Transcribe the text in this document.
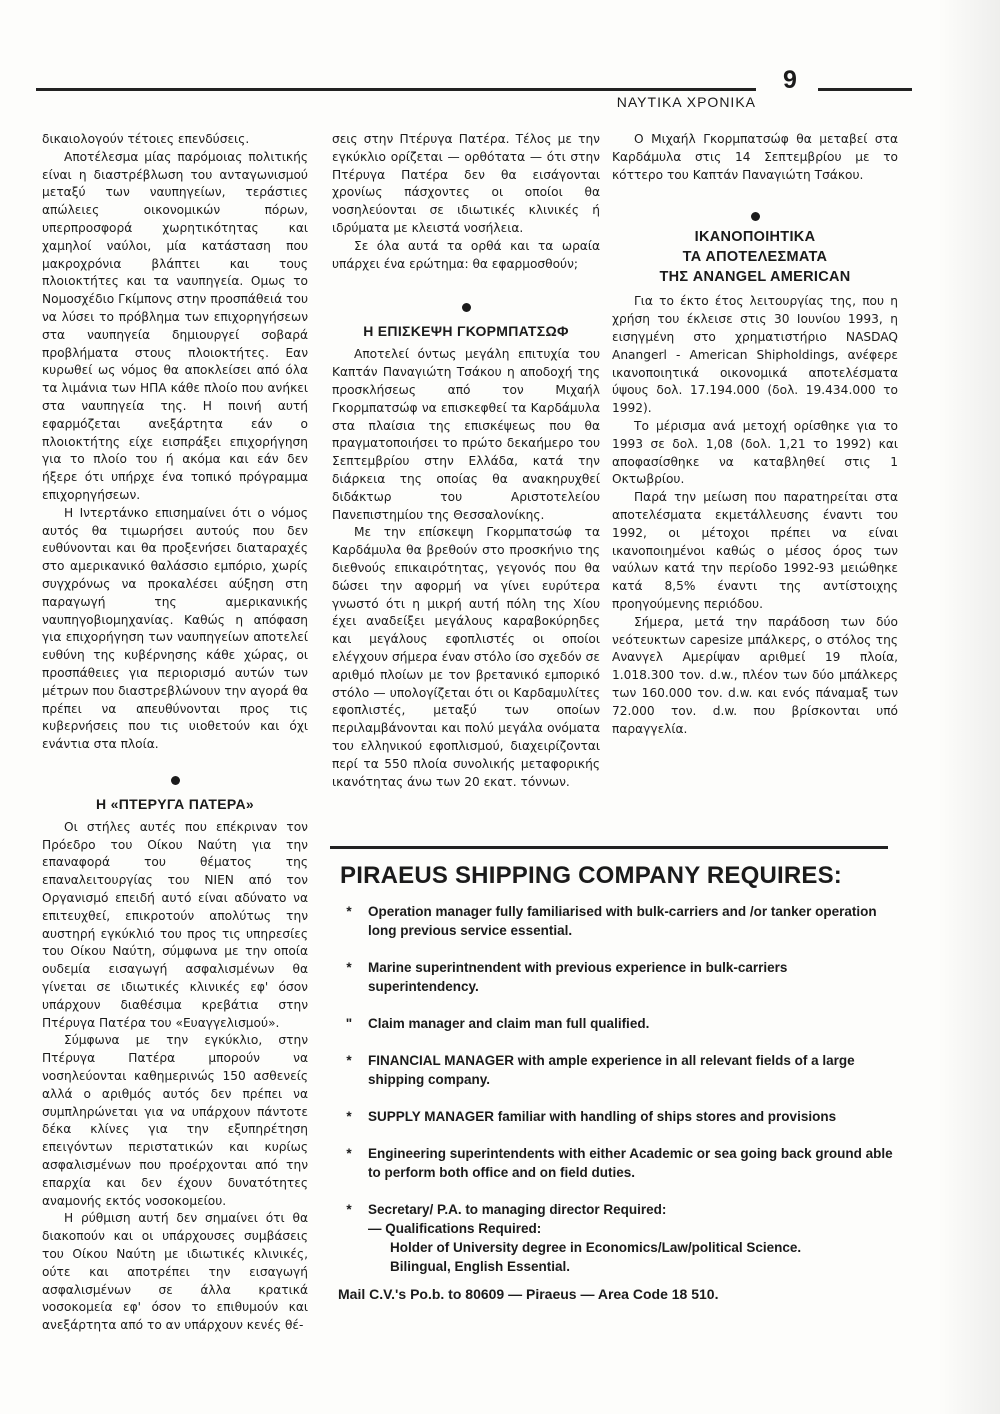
9
ΝΑΥΤΙΚΑ ΧΡΟΝΙΚΑ

δικαιολογούν τέτοιες επενδύσεις.

Αποτέλεσμα μίας παρόμοιας πολιτικής είναι η διαστρέβλωση του ανταγωνισμού μεταξύ των ναυπηγείων, τεράστιες απώλειες οικονομικών πόρων, υπερπροσφορά χωρητικότητας και χαμηλοί ναύλοι, μία κατάσταση που μακροχρόνια βλάπτει και τους πλοιοκτήτες και τα ναυπηγεία. Ομως το Νομοσχέδιο Γκίμπονς στην προσπάθειά του να λύσει το πρόβλημα των επιχορηγήσεων στα ναυπηγεία δημιουργεί σοβαρά προβλήματα στους πλοιοκτήτες. Εαν κυρωθεί ως νόμος θα αποκλείσει από όλα τα λιμάνια των ΗΠΑ κάθε πλοίο που ανήκει στα ναυπηγεία της. Η ποινή αυτή εφαρμόζεται ανεξάρτητα εάν ο πλοιοκτήτης είχε εισπράξει επιχορήγηση για το πλοίο του ή ακόμα και εάν δεν ήξερε ότι υπήρχε ένα τοπικό πρόγραμμα επιχορηγήσεων.

Η Ιντερτάνκο επισημαίνει ότι ο νόμος αυτός θα τιμωρήσει αυτούς που δεν ευθύνονται και θα προξενήσει διαταραχές στο αμερικανικό θαλάσσιο εμπόριο, χωρίς συγχρόνως να προκαλέσει αύξηση στη παραγωγή της αμερικανικής ναυπηγοβιομηχανίας. Καθώς η απόφαση για επιχορήγηση των ναυπηγείων αποτελεί ευθύνη της κυβέρνησης κάθε χώρας, οι προσπάθειες για περιορισμό αυτών των μέτρων που διαστρεβλώνουν την αγορά θα πρέπει να απευθύνονται προς τις κυβερνήσεις που τις υιοθετούν και όχι ενάντια στα πλοία.

Η «ΠΤΕΡΥΓΑ ΠΑΤΕΡΑ»

Οι στήλες αυτές που επέκριναν τον Πρόεδρο του Οίκου Ναύτη για την επαναφορά του θέματος της επαναλειτουργίας του ΝΙΕΝ από τον Οργανισμό επειδή αυτό είναι αδύνατο να επιτευχθεί, επικροτούν απολύτως την αυστηρή εγκύκλιό του προς τις υπηρεσίες του Οίκου Ναύτη, σύμφωνα με την οποία ουδεμία εισαγωγή ασφαλισμένων θα γίνεται σε ιδιωτικές κλινικές εφ' όσον υπάρχουν διαθέσιμα κρεβάτια στην Πτέρυγα Πατέρα του «Ευαγγελισμού».

Σύμφωνα με την εγκύκλιο, στην Πτέρυγα Πατέρα μπορούν να νοσηλεύονται καθημερινώς 150 ασθενείς αλλά ο αριθμός αυτός δεν πρέπει να συμπληρώνεται για να υπάρχουν πάντοτε δέκα κλίνες για την εξυπηρέτηση επειγόντων περιστατικών και κυρίως ασφαλισμένων που προέρχονται από την επαρχία και δεν έχουν δυνατότητες αναμονής εκτός νοσοκομείου.

Η ρύθμιση αυτή δεν σημαίνει ότι θα διακοπούν και οι υπάρχουσες συμβάσεις του Οίκου Ναύτη με ιδιωτικές κλινικές, ούτε και αποτρέπει την εισαγωγή ασφαλισμένων σε άλλα κρατικά νοσοκομεία εφ' όσον το επιθυμούν και ανεξάρτητα από το αν υπάρχουν κενές θέ-

σεις στην Πτέρυγα Πατέρα. Τέλος με την εγκύκλιο ορίζεται — ορθότατα — ότι στην Πτέρυγα Πατέρα δεν θα εισάγονται χρονίως πάσχοντες οι οποίοι θα νοσηλεύονται σε ιδιωτικές κλινικές ή ιδρύματα με κλειστά νοσήλεια.

Σε όλα αυτά τα ορθά και τα ωραία υπάρχει ένα ερώτημα: θα εφαρμοσθούν;

Η ΕΠΙΣΚΕΨΗ ΓΚΟΡΜΠΑΤΣΩΦ

Αποτελεί όντως μεγάλη επιτυχία του Καπτάν Παναγιώτη Τσάκου η αποδοχή της προσκλήσεως από τον Μιχαήλ Γκορμπατσώφ να επισκεφθεί τα Καρδάμυλα στα πλαίσια της επισκέψεως που θα πραγματοποιήσει το πρώτο δεκαήμερο του Σεπτεμβρίου στην Ελλάδα, κατά την διάρκεια της οποίας θα ανακηρυχθεί διδάκτωρ του Αριστοτελείου Πανεπιστημίου της Θεσσαλονίκης.

Με την επίσκεψη Γκορμπατσώφ τα Καρδάμυλα θα βρεθούν στο προσκήνιο της διεθνούς επικαιρότητας, γεγονός που θα δώσει την αφορμή να γίνει ευρύτερα γνωστό ότι η μικρή αυτή πόλη της Χίου έχει αναδείξει μεγάλους καραβοκύρηδες και μεγάλους εφοπλιστές οι οποίοι ελέγχουν σήμερα έναν στόλο ίσο σχεδόν σε αριθμό πλοίων με τον βρετανικό εμπορικό στόλο — υπολογίζεται ότι οι Καρδαμυλίτες εφοπλιστές, μεταξύ των οποίων περιλαμβάνονται και πολύ μεγάλα ονόματα του ελληνικού εφοπλισμού, διαχειρίζονται περί τα 550 πλοία συνολικής μεταφορικής ικανότητας άνω των 20 εκατ. τόννων.

Ο Μιχαήλ Γκορμπατσώφ θα μεταβεί στα Καρδάμυλα στις 14 Σεπτεμβρίου με το κόττερο του Καπτάν Παναγιώτη Τσάκου.

ΙΚΑΝΟΠΟΙΗΤΙΚΑ
ΤΑ ΑΠΟΤΕΛΕΣΜΑΤΑ
ΤΗΣ ANANGEL AMERICAN

Για το έκτο έτος λειτουργίας της, που η χρήση του έκλεισε στις 30 Ιουνίου 1993, η εισηγμένη στο χρηματιστήριο NASDAQ Anangerl - American Shipholdings, ανέφερε ικανοποιητικά οικονομικά αποτελέσματα ύψους δολ. 17.194.000 (δολ. 19.434.000 το 1992).

Το μέρισμα ανά μετοχή ορίσθηκε για το 1993 σε δολ. 1,08 (δολ. 1,21 το 1992) και αποφασίσθηκε να καταβληθεί στις 1 Οκτωβρίου.

Παρά την μείωση που παρατηρείται στα αποτελέσματα εκμετάλλευσης έναντι του 1992, οι μέτοχοι πρέπει να είναι ικανοποιημένοι καθώς ο μέσος όρος των ναύλων κατά την περίοδο 1992-93 μειώθηκε κατά 8,5% έναντι της αντίστοιχης προηγούμενης περιόδου.

Σήμερα, μετά την παράδοση των δύο νεότευκτων capesize μπάλκερς, ο στόλος της Ανανγελ Αμερίψαν αριθμεί 19 πλοία, 1.018.300 τον. d.w., πλέον των δύο μπάλκερς των 160.000 τον. d.w. και ενός πάναμαξ των 72.000 τον. d.w. που βρίσκονται υπό παραγγελία.

PIRAEUS SHIPPING COMPANY REQUIRES:
*	Operation manager fully familiarised with bulk-carriers and /or tanker operation long previous service essential.
*	Marine superintnendent with previous experience in bulk-carriers superintendency.
" Claim manager and claim man full qualified.
*	FINANCIAL MANAGER with ample experience in all relevant fields of a large shipping company.
*	SUPPLY MANAGER familiar with handling of ships stores and provisions
*	Engineering superintendents with either Academic or sea going back ground able to perform both office and on field duties.
*	Secretary/ P.A. to managing director Required:
— Qualifications Required:
Holder of University degree in Economics/Law/political Science.
Bilingual, English Essential.
Mail C.V.'s Po.b. to 80609 — Piraeus — Area Code 18 510.
